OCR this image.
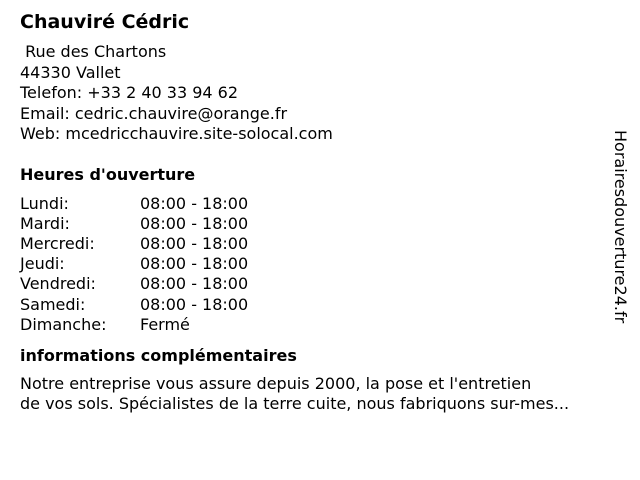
Chauviré Cédric
Rue des Chartons
44330 Vallet
Telefon: +33 2 40 33 94 62
Email: cedric.chauvire@orange.fr
Web: mcedricchauvire.site-solocal.com
Heures d'ouverture
Lundi:	08:00 - 18:00
Mardi:	08:00 - 18:00
Mercredi:	08:00 - 18:00
Jeudi:	08:00 - 18:00
Vendredi:	08:00 - 18:00
Samedi:	08:00 - 18:00
Dimanche: Fermé
informations complémentaires
Notre entreprise vous assure depuis 2000, la pose et l'entretien
de vos sols. Spécialistes de la terre cuite, nous fabriquons sur-mes...
Horairesdouverture24.fr
